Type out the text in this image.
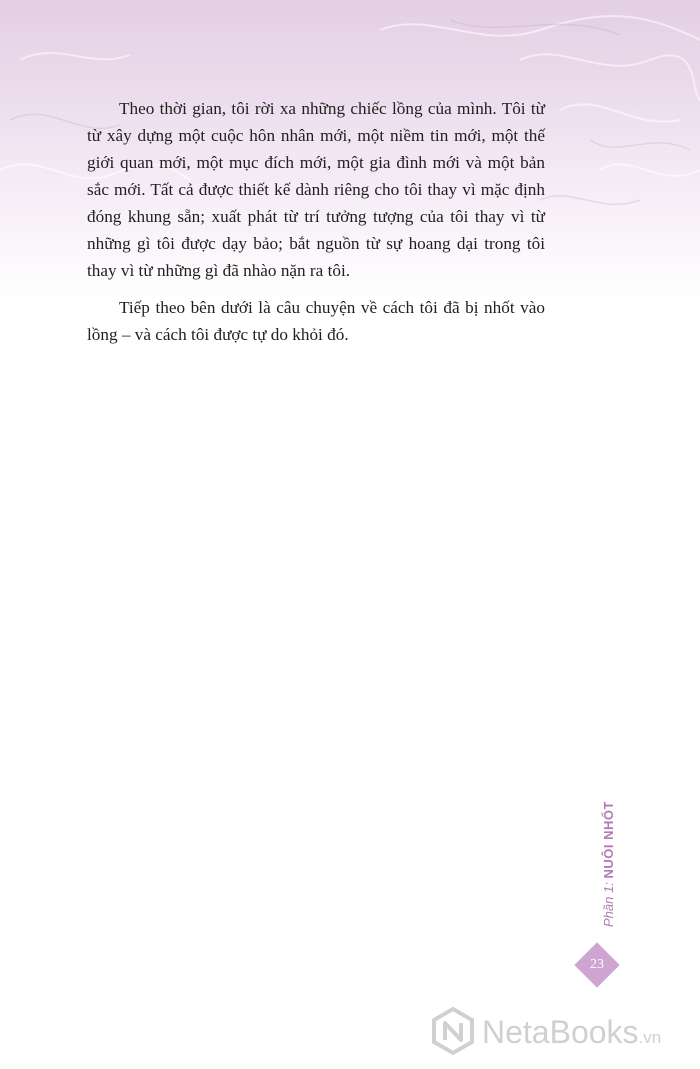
Theo thời gian, tôi rời xa những chiếc lồng của mình. Tôi từ từ xây dựng một cuộc hôn nhân mới, một niềm tin mới, một thế giới quan mới, một mục đích mới, một gia đình mới và một bản sắc mới. Tất cả được thiết kế dành riêng cho tôi thay vì mặc định đóng khung sẵn; xuất phát từ trí tưởng tượng của tôi thay vì từ những gì tôi được dạy bảo; bắt nguồn từ sự hoang dại trong tôi thay vì từ những gì đã nhào nặn ra tôi.

Tiếp theo bên dưới là câu chuyện về cách tôi đã bị nhốt vào lồng – và cách tôi được tự do khỏi đó.

Phần 1: NUÔI NHỐT
23
NetaBooks.vn
